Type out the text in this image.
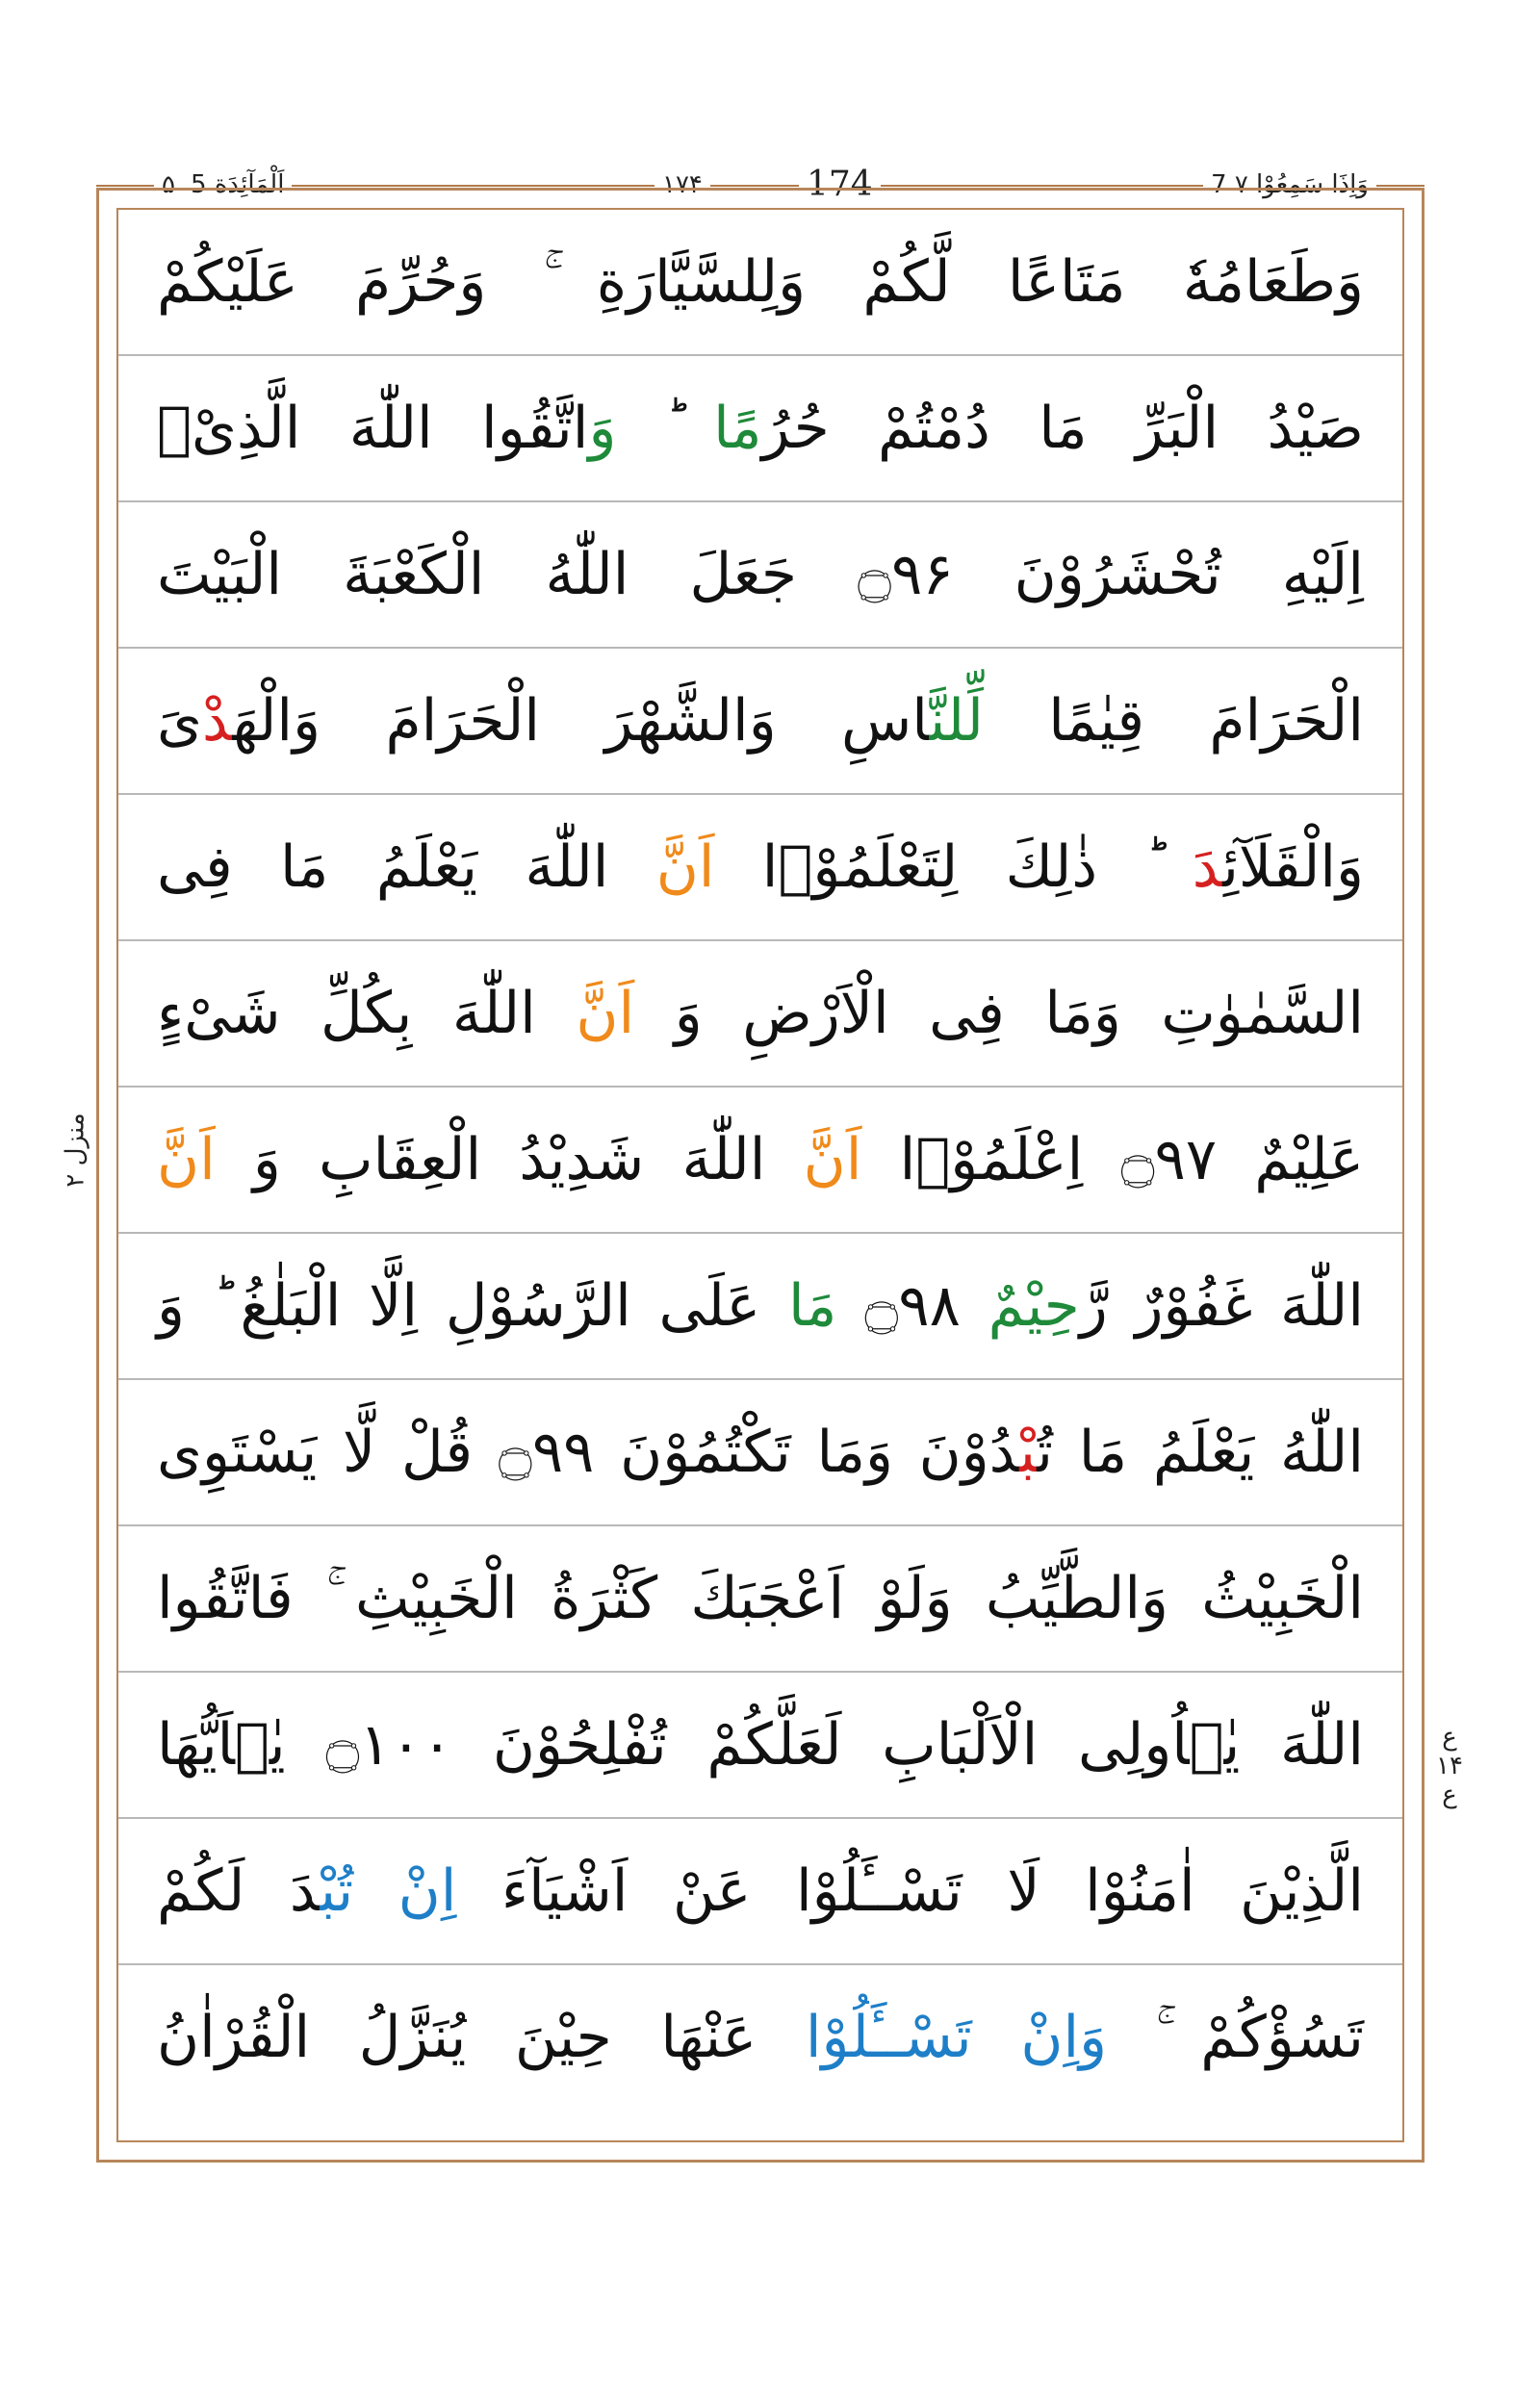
5 اَلْمَآئِدَة
۵	۱۷۴	174	7 وَاِذَا سَمِعُوْا ۷
وَطَعَامُهٗ مَتَاعًا لَّكُمْ وَلِلسَّيَّارَةِ ۚ وَحُرِّمَ عَلَيْكُمْ
صَيْدُ الْبَرِّ مَا دُمْتُمْ حُرُمًا ؕ وَاتَّقُوا اللّٰهَ الَّذِیْۤ
اِلَیْهِ تُحْشَرُوْنَ ۝۹۶ جَعَلَ اللّٰهُ الْكَعْبَةَ الْبَیْتَ
الْحَرَامَ قِیٰمًا لِّلنَّاسِ وَالشَّهْرَ الْحَرَامَ وَالْهَدْیَ
وَالْقَلَآئِدَ ؕ ذٰلِكَ لِتَعْلَمُوْۤا اَنَّ اللّٰهَ یَعْلَمُ مَا فِی
السَّمٰوٰتِ وَمَا فِی الْاَرْضِ وَ اَنَّ اللّٰهَ بِكُلِّ شَیْءٍ
عَلِیْمٌ ۝۹۷ اِعْلَمُوْۤا اَنَّ اللّٰهَ شَدِیْدُ الْعِقَابِ وَ اَنَّ
اللّٰهَ غَفُوْرٌ رَّحِیْمٌ ۝۹۸ مَا عَلَى الرَّسُوْلِ اِلَّا الْبَلٰغُ ؕ وَ
اللّٰهُ یَعْلَمُ مَا تُبْدُوْنَ وَمَا تَكْتُمُوْنَ ۝۹۹ قُلْ لَّا یَسْتَوِی
الْخَبِیْثُ وَالطَّیِّبُ وَلَوْ اَعْجَبَكَ كَثْرَةُ الْخَبِیْثِ ۚ فَاتَّقُوا
اللّٰهَ یٰۤاُولِی الْاَلْبَابِ لَعَلَّكُمْ تُفْلِحُوْنَ ۝۱۰۰ یٰۤاَیُّهَا
الَّذِیْنَ اٰمَنُوْا لَا تَسْــَٔلُوْا عَنْ اَشْیَآءَ اِنْ تُبْدَ لَكُمْ
تَسُؤْكُمْ ۚ وَاِنْ تَسْــَٔلُوْا عَنْهَا حِیْنَ یُنَزَّلُ الْقُرْاٰنُ
منزل ۲
ع ۱۴ ع
